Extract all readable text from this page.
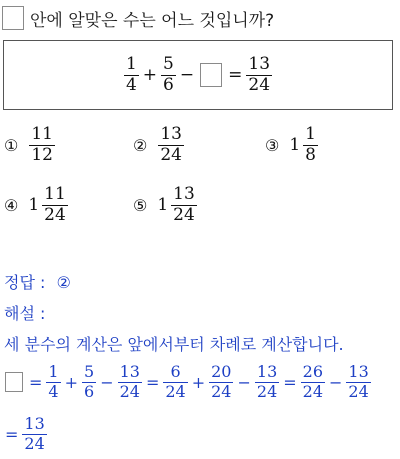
안에 알맞은 수는 어느 것입니까?
$\frac{1}{4} + \frac{5}{6}$ − = $\frac{13}{24}$
① $\frac{11}{12}$	② $\frac{13}{24}$	③ $1 \frac{1}{8}$
④ $1 \frac{11}{24}$	⑤ $1 \frac{13}{24}$
정답 : ②
해설 :
세 분수의 계산은 앞에서부터 차례로 계산합니다.
= $\frac{1}{4} + \frac{5}{6} - \frac{13}{24} = \frac{6}{24} + \frac{20}{24} - \frac{13}{24} = \frac{26}{24} - \frac{13}{24}$
= $\frac{13}{24}$
